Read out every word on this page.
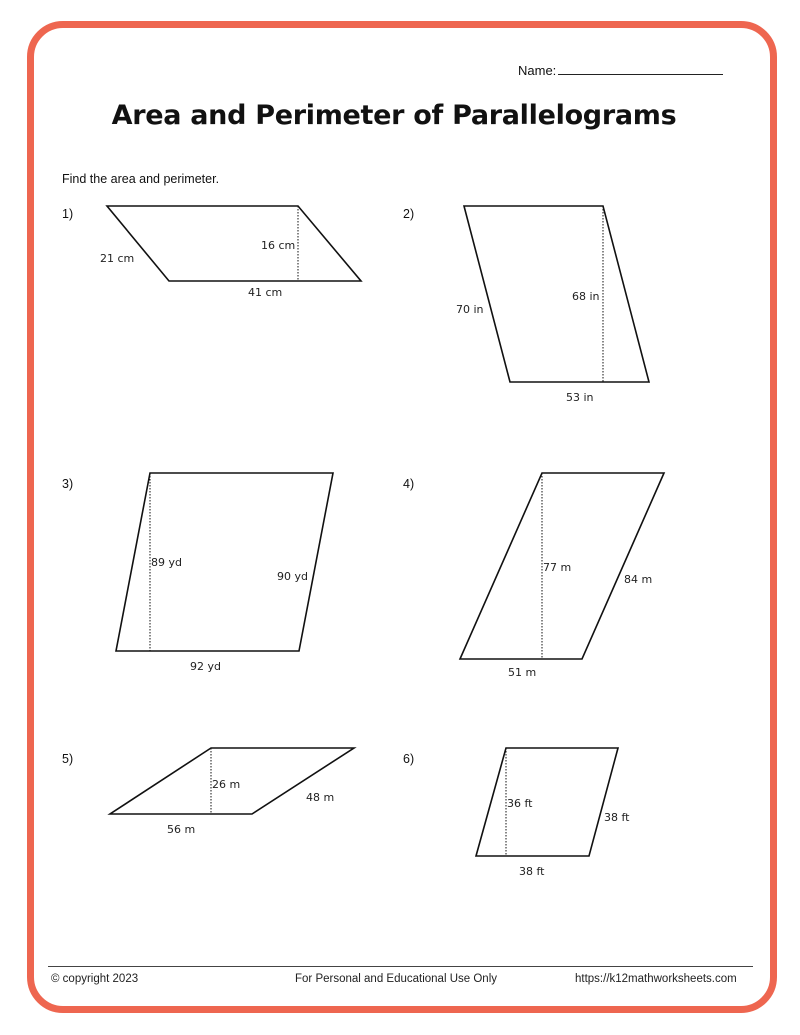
Name:
Area and Perimeter of Parallelograms
Find the area and perimeter.
1)	2)
3)	4)
5)	6)
41 cm
21 cm
16 cm
53 in
70 in
68 in
92 yd
90 yd
89 yd
51 m
84 m
77 m
56 m
48 m
26 m
38 ft
38 ft
36 ft
© copyright 2023	For Personal and Educational Use Only	https://k12mathworksheets.com
